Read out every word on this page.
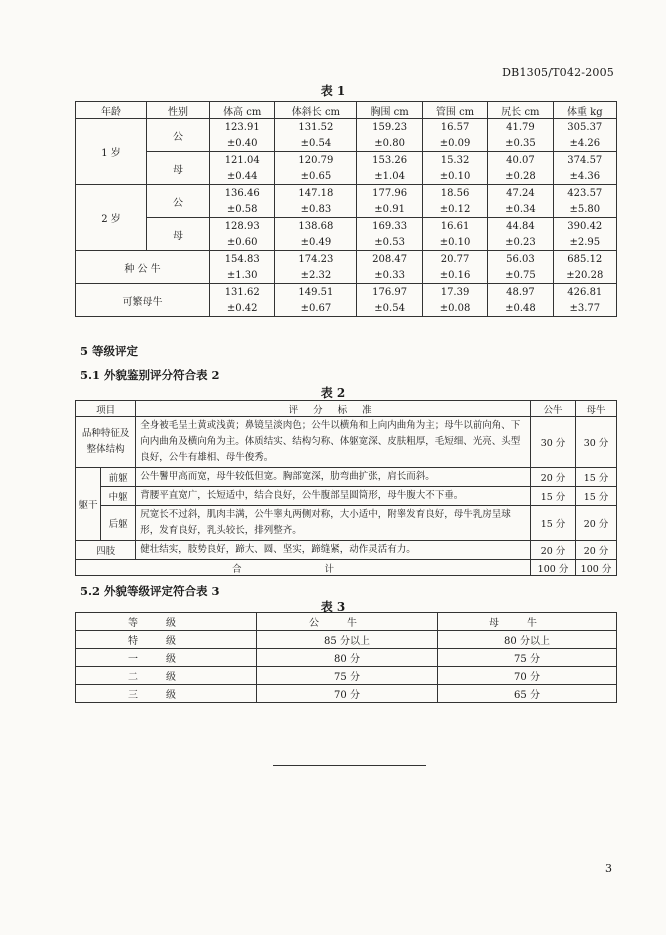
DB1305/T042-2005
表 1
年龄	性别	体高 cm	体斜长 cm	胸围 cm	管围 cm	尻长 cm	体重 kg
1 岁	公	123.91	131.52	159.23	16.57	41.79	305.37
		±0.40	±0.54	±0.80	±0.09	±0.35	±4.26
	母	121.04	120.79	153.26	15.32	40.07	374.57
		±0.44	±0.65	±1.04	±0.10	±0.28	±4.36
2 岁	公	136.46	147.18	177.96	18.56	47.24	423.57
		±0.58	±0.83	±0.91	±0.12	±0.34	±5.80
	母	128.93	138.68	169.33	16.61	44.84	390.42
		±0.60	±0.49	±0.53	±0.10	±0.23	±2.95
种 公 牛		154.83	174.23	208.47	20.77	56.03	685.12
		±1.30	±2.32	±0.33	±0.16	±0.75	±20.28
可繁母牛		131.62	149.51	176.97	17.39	48.97	426.81
		±0.42	±0.67	±0.54	±0.08	±0.48	±3.77
5 等级评定
5.1 外貌鉴别评分符合表 2
表 2
项目		评 分 标 准	公牛	母牛
品种特征及整体结构		全身被毛呈土黄或浅黄；鼻镜呈淡肉色；公牛以横角和上向内曲角为主；母牛以前向角、下向内曲角及横向角为主。体质结实、结构匀称、体躯宽深、皮肤粗厚，毛短细、光亮、头型良好，公牛有雄相、母牛俊秀。	30 分	30 分
躯干	前躯	公牛鬐甲高而宽，母牛较低但宽。胸部宽深，肋弯曲扩张，肩长而斜。	20 分	15 分
	中躯	背腰平直宽广，长短适中，结合良好，公牛腹部呈圆筒形，母牛腹大不下垂。	15 分	15 分
	后躯	尻宽长不过斜，肌肉丰满，公牛睾丸两侧对称，大小适中，附睾发育良好，母牛乳房呈球形，发育良好，乳头较长，排列整齐。	15 分	20 分
四肢		健壮结实，肢势良好，蹄大、圆、坚实，蹄缝紧，动作灵活有力。	20 分	20 分
合 计			100 分	100 分
5.2 外貌等级评定符合表 3
表 3
等级	公牛	母牛
特级	85 分以上	80 分以上
一级	80 分	75 分
二级	75 分	70 分
三级	70 分	65 分
3
